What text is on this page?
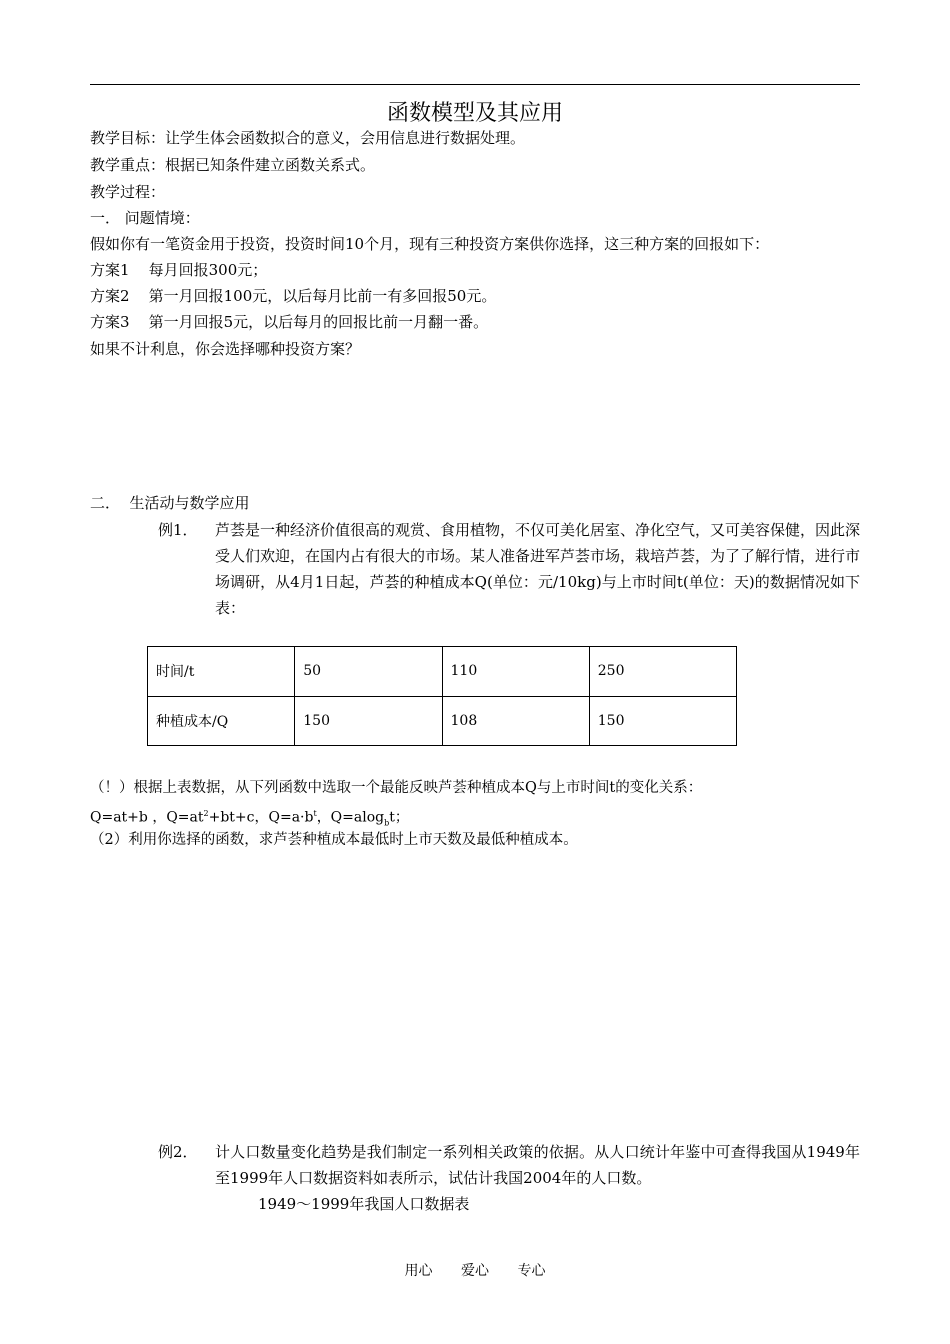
函数模型及其应用
教学目标：让学生体会函数拟合的意义，会用信息进行数据处理。
教学重点：根据已知条件建立函数关系式。
教学过程：
一． 问题情境：
假如你有一笔资金用于投资，投资时间10个月，现有三种投资方案供你选择，这三种方案的回报如下：
方案1    每月回报300元；
方案2    第一月回报100元，以后每月比前一有多回报50元。
方案3    第一月回报5元，以后每月的回报比前一月翻一番。
如果不计利息，你会选择哪种投资方案？
二．  生活动与数学应用
例1． 芦荟是一种经济价值很高的观赏、食用植物，不仅可美化居室、净化空气，又可美容保健，因此深受人们欢迎，在国内占有很大的市场。某人准备进军芦荟市场，栽培芦荟，为了了解行情，进行市场调研，从4月1日起，芦荟的种植成本Q(单位：元/10kg)与上市时间t(单位：天)的数据情况如下表：
时间/t	50	110	250
种植成本/Q	150	108	150
（！）根据上表数据，从下列函数中选取一个最能反映芦荟种植成本Q与上市时间t的变化关系：
Q=at+b ，$Q=at^2+bt+c$，$Q=a\cdot b^t$，Q=alog$_b$t；
（2）利用你选择的函数，求芦荟种植成本最低时上市天数及最低种植成本。
例2． 计人口数量变化趋势是我们制定一系列相关政策的依据。从人口统计年鉴中可查得我国从1949年至1999年人口数据资料如表所示，试估计我国2004年的人口数。
1949～1999年我国人口数据表
用心 爱心 专心
